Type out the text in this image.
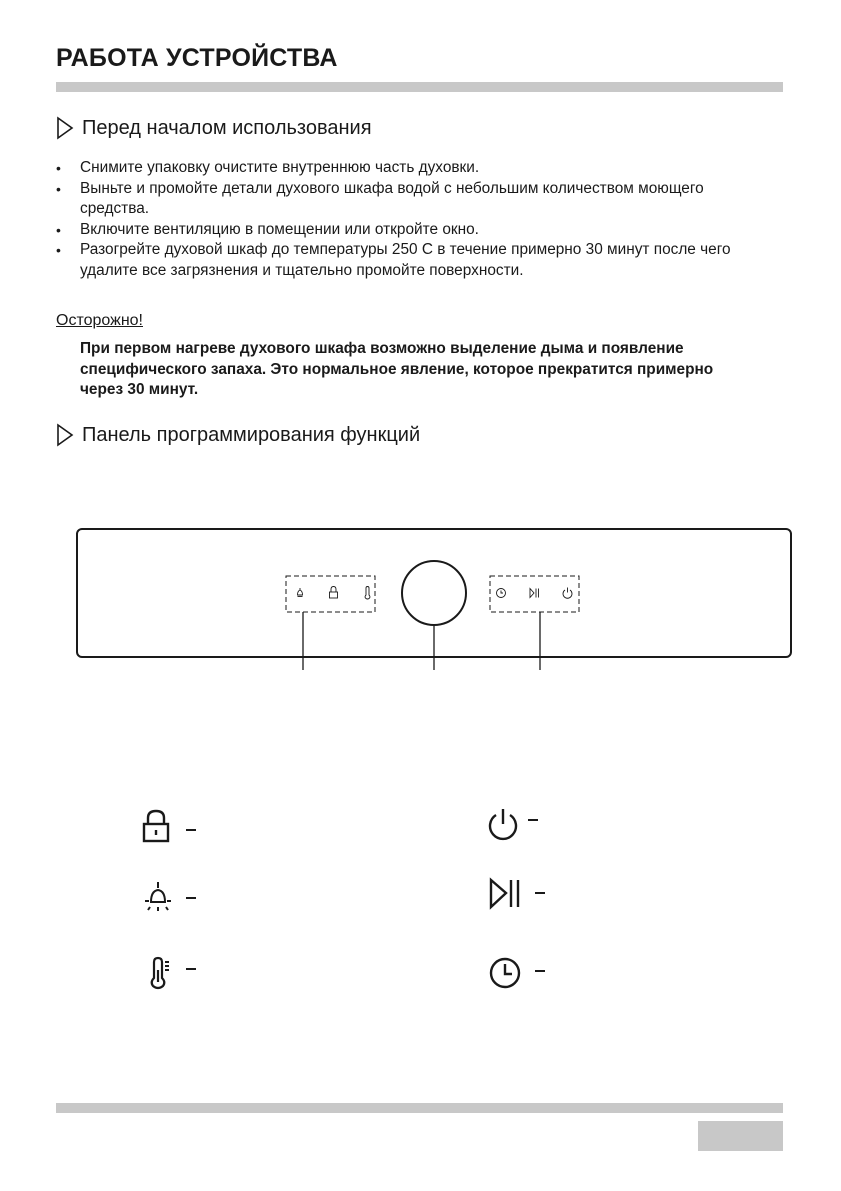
РАБОТА УСТРОЙСТВА
Перед началом использования
• Снимите упаковку очистите внутреннюю часть духовки.
• Выньте и промойте детали духового шкафа водой с небольшим количеством моющего средства.
• Включите вентиляцию в помещении или откройте окно.
• Разогрейте духовой шкаф до температуры 250 С в течение примерно 30 минут после чего удалите все загрязнения и тщательно промойте поверхности.
Осторожно!
При первом нагреве духового шкафа возможно выделение дыма и появление специфического запаха. Это нормальное явление, которое прекратится примерно через 30 минут.
Панель программирования функций
